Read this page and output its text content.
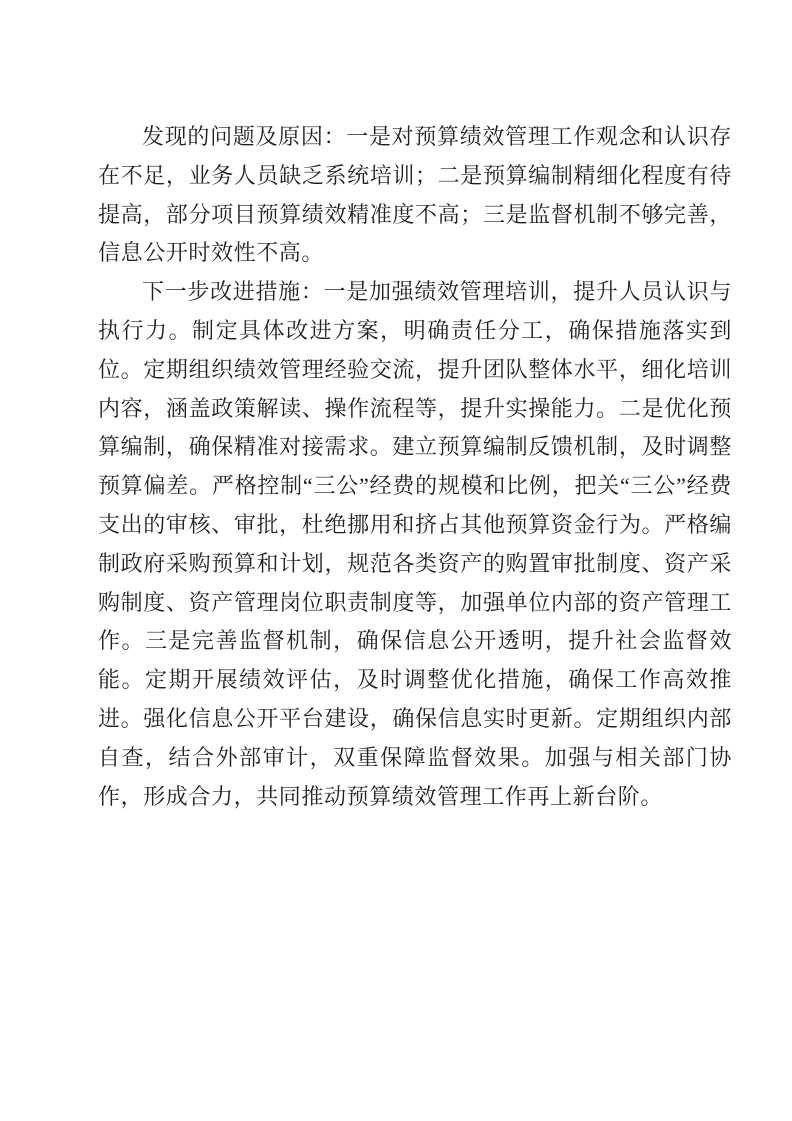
发现的问题及原因：一是对预算绩效管理工作观念和认识存在不足，业务人员缺乏系统培训；二是预算编制精细化程度有待提高，部分项目预算绩效精准度不高；三是监督机制不够完善，信息公开时效性不高。

下一步改进措施：一是加强绩效管理培训，提升人员认识与执行力。制定具体改进方案，明确责任分工，确保措施落实到位。定期组织绩效管理经验交流，提升团队整体水平，细化培训内容，涵盖政策解读、操作流程等，提升实操能力。二是优化预算编制，确保精准对接需求。建立预算编制反馈机制，及时调整预算偏差。严格控制“三公”经费的规模和比例，把关“三公”经费支出的审核、审批，杜绝挪用和挤占其他预算资金行为。严格编制政府采购预算和计划，规范各类资产的购置审批制度、资产采购制度、资产管理岗位职责制度等，加强单位内部的资产管理工作。三是完善监督机制，确保信息公开透明，提升社会监督效能。定期开展绩效评估，及时调整优化措施，确保工作高效推进。强化信息公开平台建设，确保信息实时更新。定期组织内部自查，结合外部审计，双重保障监督效果。加强与相关部门协作，形成合力，共同推动预算绩效管理工作再上新台阶。
